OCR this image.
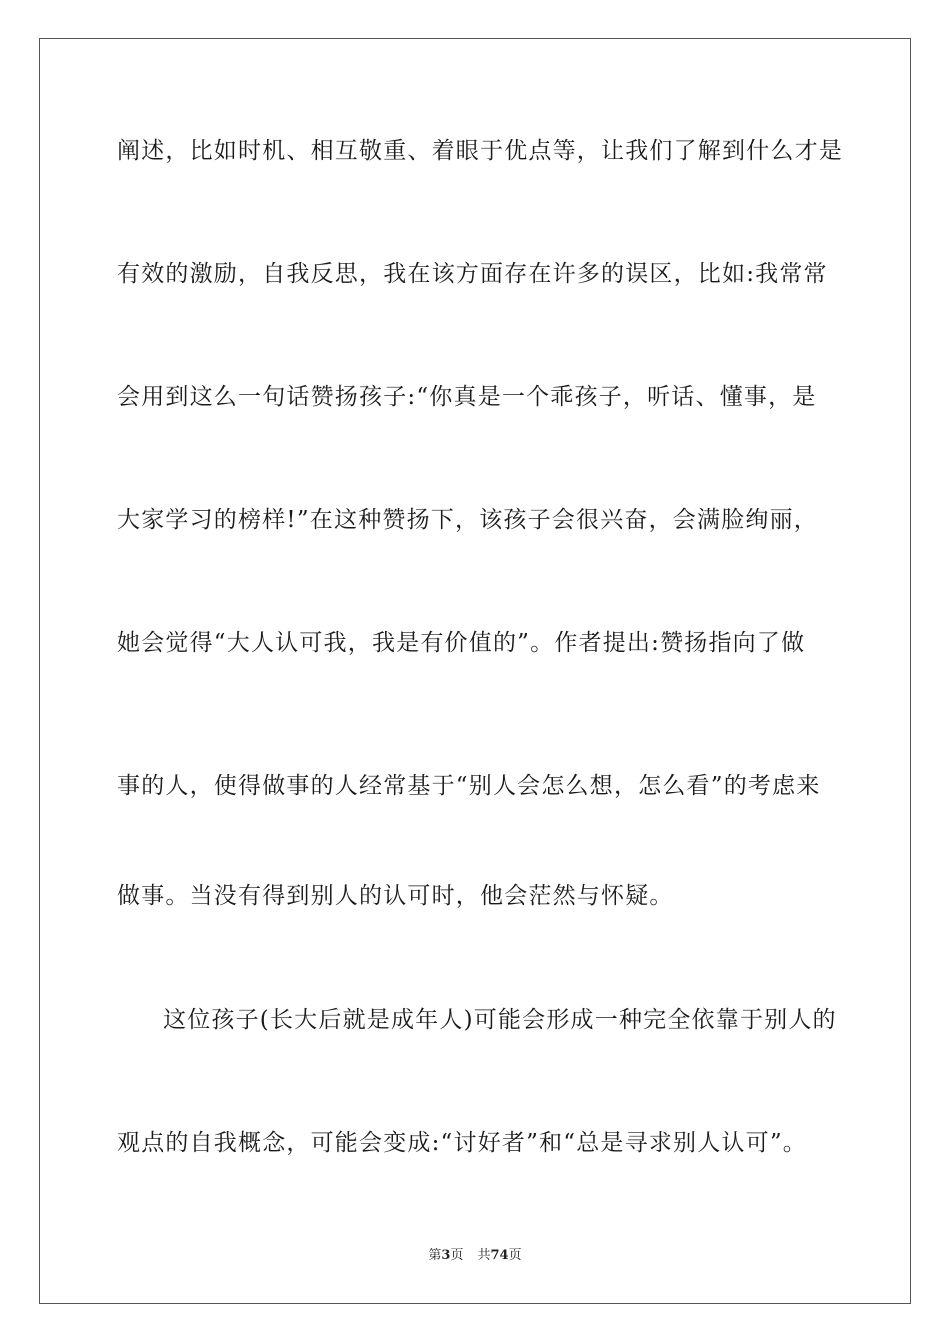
阐述，比如时机、相互敬重、着眼于优点等，让我们了解到什么才是
有效的激励，自我反思，我在该方面存在许多的误区，比如:我常常
会用到这么一句话赞扬孩子:“你真是一个乖孩子，听话、懂事，是
大家学习的榜样!”在这种赞扬下，该孩子会很兴奋，会满脸绚丽，
她会觉得“大人认可我，我是有价值的”。作者提出:赞扬指向了做
事的人，使得做事的人经常基于“别人会怎么想，怎么看”的考虑来
做事。当没有得到别人的认可时，他会茫然与怀疑。
这位孩子(长大后就是成年人)可能会形成一种完全依靠于别人的
观点的自我概念，可能会变成:“讨好者”和“总是寻求别人认可”。
第3页 共74页
